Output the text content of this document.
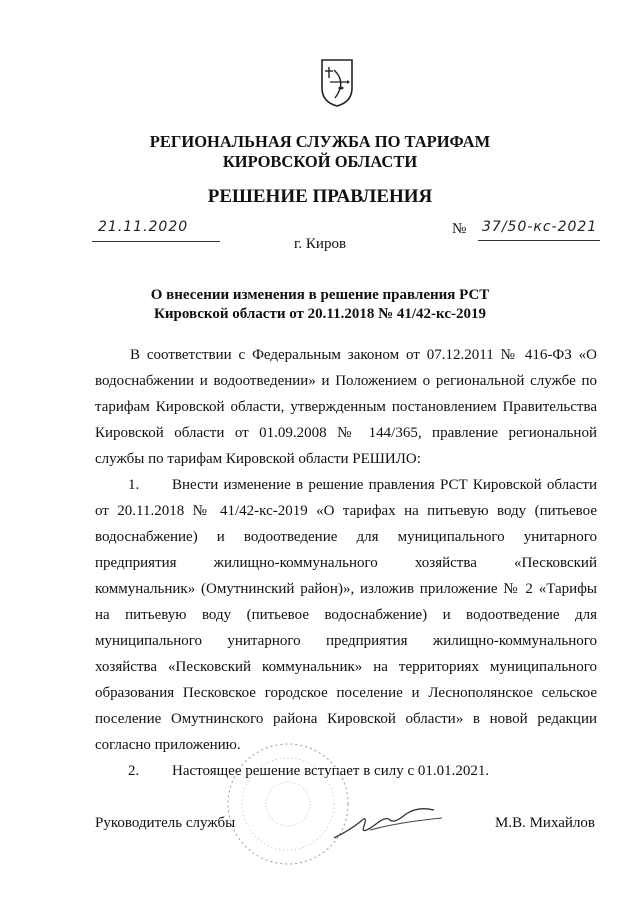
РЕГИОНАЛЬНАЯ СЛУЖБА ПО ТАРИФАМ
КИРОВСКОЙ ОБЛАСТИ
РЕШЕНИЕ ПРАВЛЕНИЯ
21.11.2020	№ 37/50-кс-2021
г. Киров
О внесении изменения в решение правления РСТ
Кировской области от 20.11.2018 № 41/42-кс-2019
В соответствии с Федеральным законом от 07.12.2011 № 416-ФЗ «О
водоснабжении и водоотведении» и Положением о региональной службе по
тарифам Кировской области, утвержденным постановлением Правительства
Кировской области от 01.09.2008 № 144/365, правление региональной
службы по тарифам Кировской области РЕШИЛО:
1. Внести изменение в решение правления РСТ Кировской области
от 20.11.2018 № 41/42-кс-2019 «О тарифах на питьевую воду (питьевое
водоснабжение) и водоотведение для муниципального унитарного
предприятия жилищно-коммунального хозяйства «Песковский
коммунальник» (Омутнинский район)», изложив приложение № 2 «Тарифы
на питьевую воду (питьевое водоснабжение) и водоотведение для
муниципального унитарного предприятия жилищно-коммунального
хозяйства «Песковский коммунальник» на территориях муниципального
образования Песковское городское поселение и Леснополянское сельское
поселение Омутнинского района Кировской области» в новой редакции
согласно приложению.
2. Настоящее решение вступает в силу с 01.01.2021.
Руководитель службы	М.В. Михайлов
